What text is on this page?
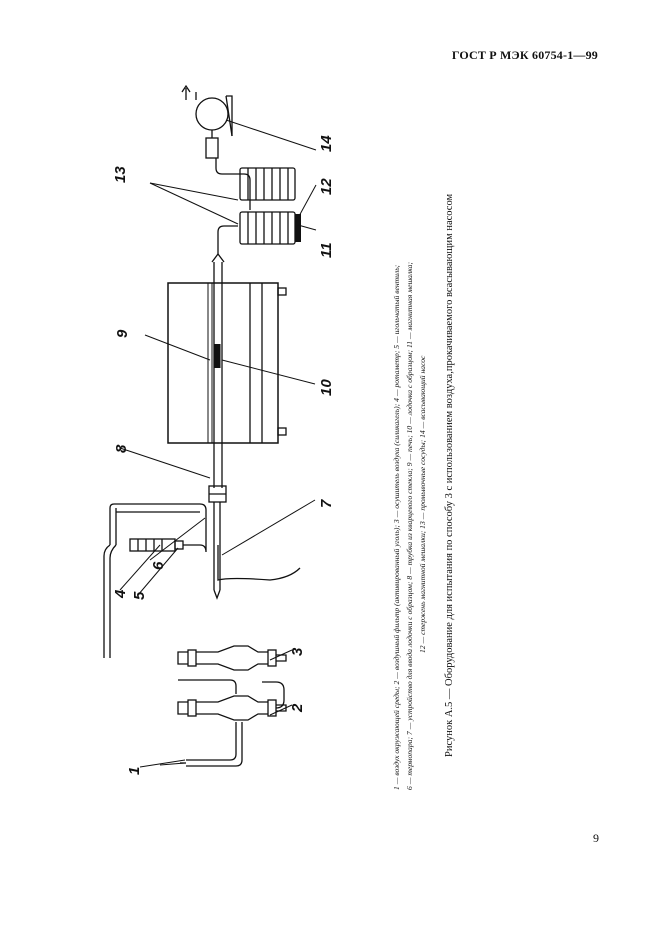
ГОСТ Р МЭК 60754-1—99
1
2
3
4 5
6
7
8
9
10
11
12
13
14
1 — воздух окружающей среды; 2 — воздушный фильтр (активированный уголь); 3 — осушитель воздуха (силикагель); 4 — ротаметр; 5 — игольчатый вентиль; 6 — термопара; 7 — устройство для ввода лодочки с образцом; 8 — трубка из кварцевого стекла; 9 — печь; 10 — лодочка с образцом; 11 — магнитная мешалка; 12 — стержень магнитной мешалки; 13 — промывочные сосуды; 14 — всасывающий насос Рисунок А.5 — Оборудование для испытания по способу 3 с использованием воздуха,прокачиваемого всасывающим насосом
9
